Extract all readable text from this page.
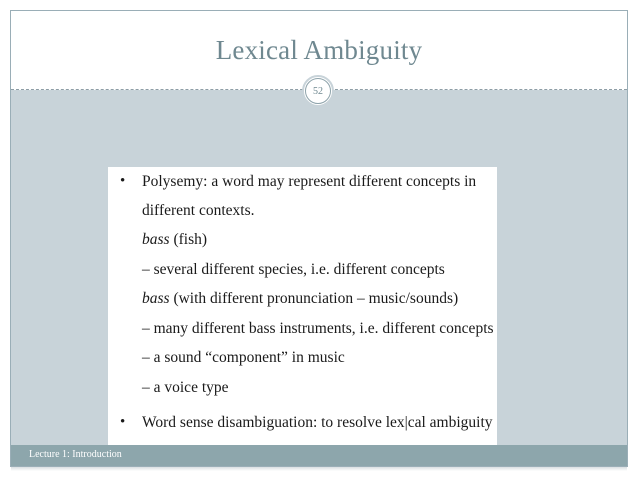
Lexical Ambiguity
52
• Polysemy: a word may represent different concepts in
different contexts.
bass (fish)
– several different species, i.e. different concepts
bass (with different pronunciation – music/sounds)
– many different bass instruments, i.e. different concepts
– a sound “component” in music
– a voice type
• Word sense disambiguation: to resolve lex|cal ambiguity
Lecture 1: Introduction
